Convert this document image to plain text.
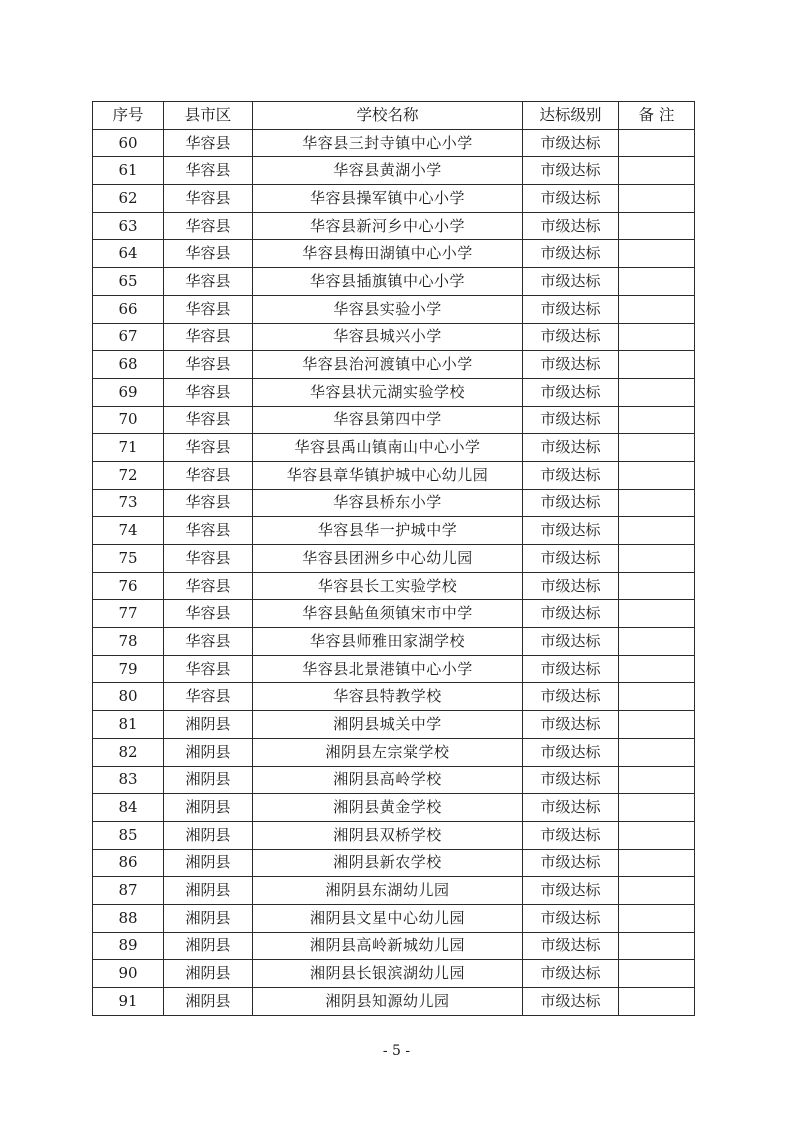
序号	县市区	学校名称	达标级别	备 注
60	华容县	华容县三封寺镇中心小学	市级达标	
61	华容县	华容县黄湖小学	市级达标	
62	华容县	华容县操军镇中心小学	市级达标	
63	华容县	华容县新河乡中心小学	市级达标	
64	华容县	华容县梅田湖镇中心小学	市级达标	
65	华容县	华容县插旗镇中心小学	市级达标	
66	华容县	华容县实验小学	市级达标	
67	华容县	华容县城兴小学	市级达标	
68	华容县	华容县治河渡镇中心小学	市级达标	
69	华容县	华容县状元湖实验学校	市级达标	
70	华容县	华容县第四中学	市级达标	
71	华容县	华容县禹山镇南山中心小学	市级达标	
72	华容县	华容县章华镇护城中心幼儿园	市级达标	
73	华容县	华容县桥东小学	市级达标	
74	华容县	华容县华一护城中学	市级达标	
75	华容县	华容县团洲乡中心幼儿园	市级达标	
76	华容县	华容县长工实验学校	市级达标	
77	华容县	华容县鲇鱼须镇宋市中学	市级达标	
78	华容县	华容县师雅田家湖学校	市级达标	
79	华容县	华容县北景港镇中心小学	市级达标	
80	华容县	华容县特教学校	市级达标	
81	湘阴县	湘阴县城关中学	市级达标	
82	湘阴县	湘阴县左宗棠学校	市级达标	
83	湘阴县	湘阴县高岭学校	市级达标	
84	湘阴县	湘阴县黄金学校	市级达标	
85	湘阴县	湘阴县双桥学校	市级达标	
86	湘阴县	湘阴县新农学校	市级达标	
87	湘阴县	湘阴县东湖幼儿园	市级达标	
88	湘阴县	湘阴县文星中心幼儿园	市级达标	
89	湘阴县	湘阴县高岭新城幼儿园	市级达标	
90	湘阴县	湘阴县长银滨湖幼儿园	市级达标	
91	湘阴县	湘阴县知源幼儿园	市级达标	
- 5 -
